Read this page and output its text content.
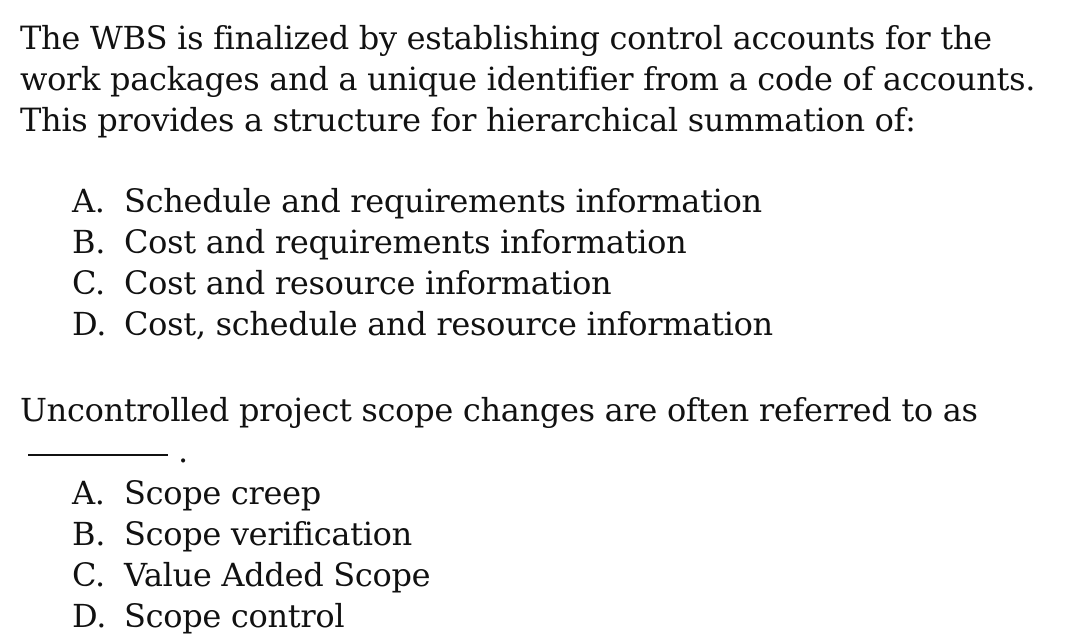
The WBS is finalized by establishing control accounts for the work packages and a unique identifier from a code of accounts. This provides a structure for hierarchical summation of:

A. Schedule and requirements information
B. Cost and requirements information
C. Cost and resource information
D. Cost, schedule and resource information

Uncontrolled project scope changes are often referred to as.

A. Scope creep
B. Scope verification
C. Value Added Scope
D. Scope control
